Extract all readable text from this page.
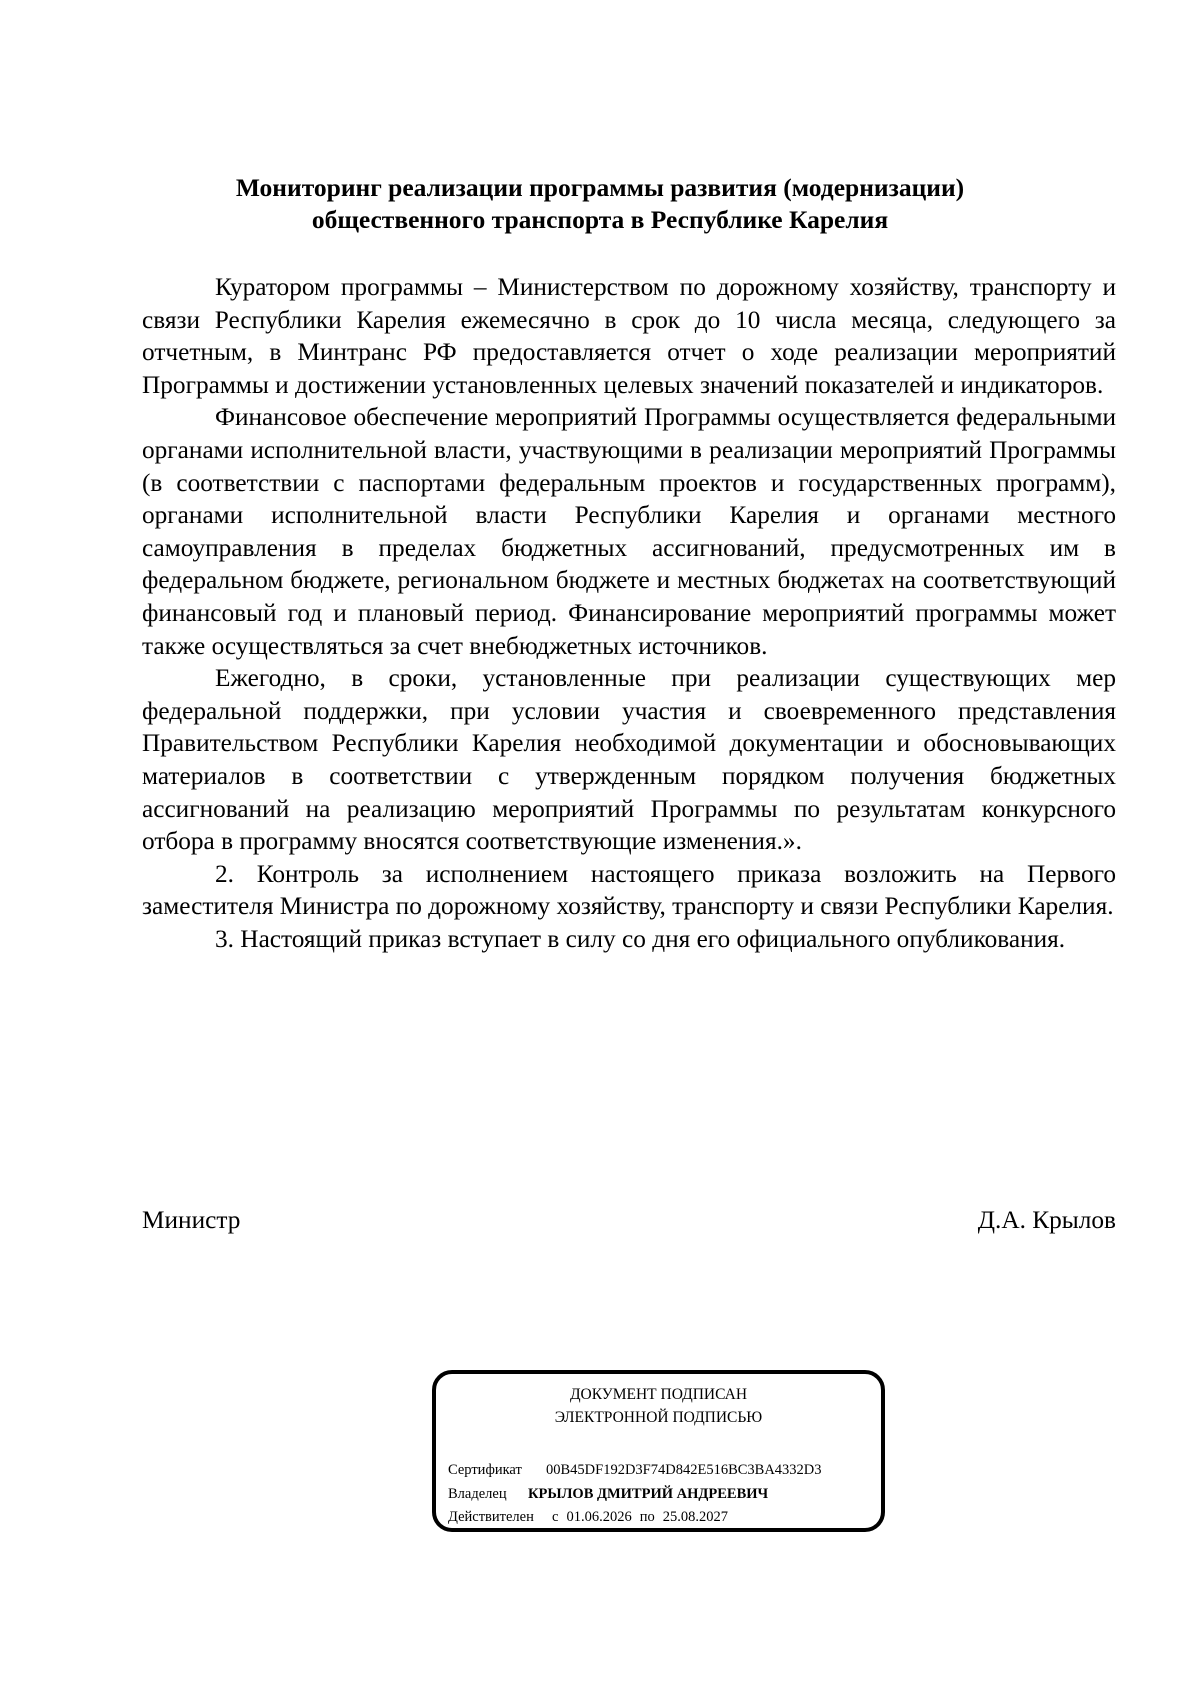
Мониторинг реализации программы развития (модернизации)
общественного транспорта в Республике Карелия

Куратором программы – Министерством по дорожному хозяйству, транспорту и связи Республики Карелия ежемесячно в срок до 10 числа месяца, следующего за отчетным, в Минтранс РФ предоставляется отчет о ходе реализации мероприятий Программы и достижении установленных целевых значений показателей и индикаторов.

Финансовое обеспечение мероприятий Программы осуществляется федеральными органами исполнительной власти, участвующими в реализации мероприятий Программы (в соответствии с паспортами федеральным проектов и государственных программ), органами исполнительной власти Республики Карелия и органами местного самоуправления в пределах бюджетных ассигнований, предусмотренных им в федеральном бюджете, региональном бюджете и местных бюджетах на соответствующий финансовый год и плановый период. Финансирование мероприятий программы может также осуществляться за счет внебюджетных источников.

Ежегодно, в сроки, установленные при реализации существующих мер федеральной поддержки, при условии участия и своевременного представления Правительством Республики Карелия необходимой документации и обосновывающих материалов в соответствии с утвержденным порядком получения бюджетных ассигнований на реализацию мероприятий Программы по результатам конкурсного отбора в программу вносятся соответствующие изменения.».

2. Контроль за исполнением настоящего приказа возложить на Первого заместителя Министра по дорожному хозяйству, транспорту и связи Республики Карелия.

3. Настоящий приказ вступает в силу со дня его официального опубликования.

Министр	Д.А. Крылов
ДОКУМЕНТ ПОДПИСАН
ЭЛЕКТРОННОЙ ПОДПИСЬЮ
Сертификат 00B45DF192D3F74D842E516BC3BA4332D3
Владелец КРЫЛОВ ДМИТРИЙ АНДРЕЕВИЧ
Действителен с 01.06.2026 по 25.08.2027
